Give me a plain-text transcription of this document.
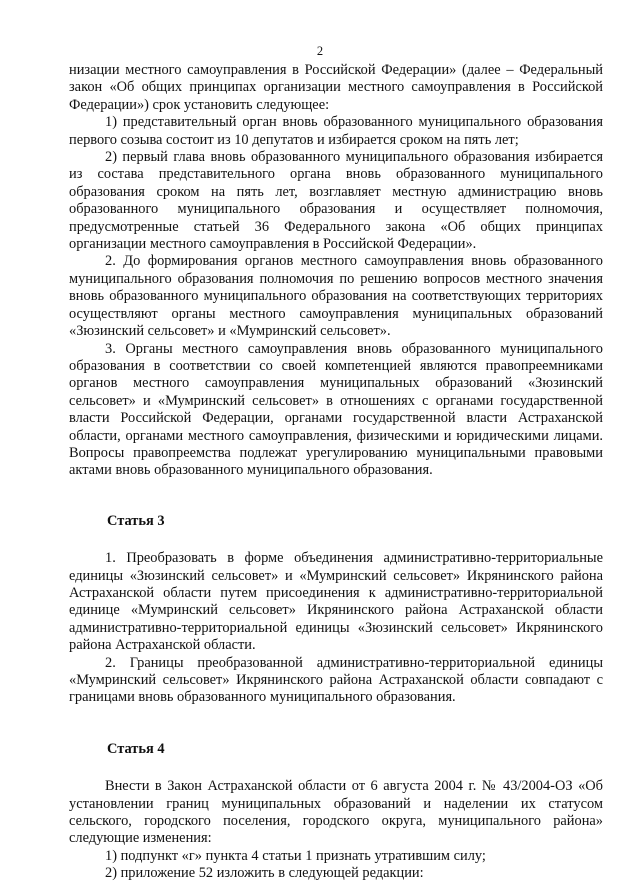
2

низации местного самоуправления в Российской Федерации» (далее – Федеральный закон «Об общих принципах организации местного самоуправления в Российской Федерации») срок установить следующее:

1) представительный орган вновь образованного муниципального образования первого созыва состоит из 10 депутатов и избирается сроком на пять лет;

2) первый глава вновь образованного муниципального образования избирается из состава представительного органа вновь образованного муниципального образования сроком на пять лет, возглавляет местную администрацию вновь образованного муниципального образования и осуществляет полномочия, предусмотренные статьей 36 Федерального закона «Об общих принципах организации местного самоуправления в Российской Федерации».

2. До формирования органов местного самоуправления вновь образованного муниципального образования полномочия по решению вопросов местного значения вновь образованного муниципального образования на соответствующих территориях осуществляют органы местного самоуправления муниципальных образований «Зюзинский сельсовет» и «Мумринский сельсовет».

3. Органы местного самоуправления вновь образованного муниципального образования в соответствии со своей компетенцией являются правопреемниками органов местного самоуправления муниципальных образований «Зюзинский сельсовет» и «Мумринский сельсовет» в отношениях с органами государственной власти Российской Федерации, органами государственной власти Астраханской области, органами местного самоуправления, физическими и юридическими лицами. Вопросы правопреемства подлежат урегулированию муниципальными правовыми актами вновь образованного муниципального образования.

Статья 3

1. Преобразовать в форме объединения административно-территориальные единицы «Зюзинский сельсовет» и «Мумринский сельсовет» Икрянинского района Астраханской области путем присоединения к административно-территориальной единице «Мумринский сельсовет» Икрянинского района Астраханской области административно-территориальной единицы «Зюзинский сельсовет» Икрянинского района Астраханской области.

2. Границы преобразованной административно-территориальной единицы «Мумринский сельсовет» Икрянинского района Астраханской области совпадают с границами вновь образованного муниципального образования.

Статья 4

Внести в Закон Астраханской области от 6 августа 2004 г. № 43/2004-ОЗ «Об установлении границ муниципальных образований и наделении их статусом сельского, городского поселения, городского округа, муниципального района» следующие изменения:

1) подпункт «г» пункта 4 статьи 1 признать утратившим силу;

2) приложение 52 изложить в следующей редакции:
